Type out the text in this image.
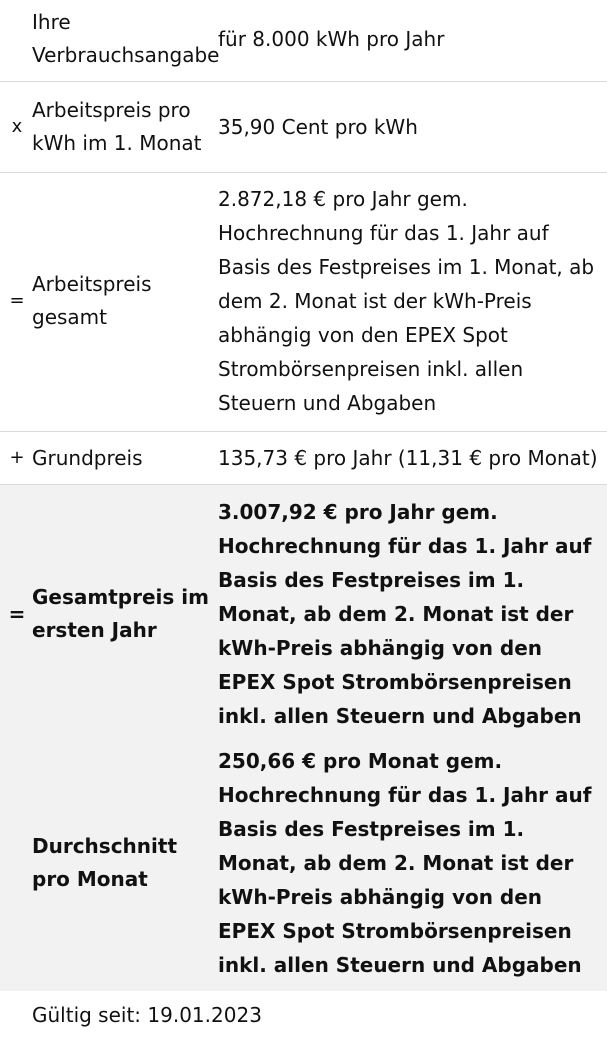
	Ihre Verbrauchsangabe	für 8.000 kWh pro Jahr
x	Arbeitspreis pro kWh im 1. Monat	35,90 Cent pro kWh
=	Arbeitspreis gesamt	2.872,18 € pro Jahr gem. Hochrechnung für das 1. Jahr auf Basis des Festpreises im 1. Monat, ab dem 2. Monat ist der kWh-Preis abhängig von den EPEX Spot Strombörsenpreisen inkl. allen Steuern und Abgaben
+	Grundpreis	135,73 € pro Jahr (11,31 € pro Monat)
=	Gesamtpreis im ersten Jahr	3.007,92 € pro Jahr gem. Hochrechnung für das 1. Jahr auf Basis des Festpreises im 1. Monat, ab dem 2. Monat ist der kWh-Preis abhängig von den EPEX Spot Strombörsenpreisen inkl. allen Steuern und Abgaben
	Durchschnitt pro Monat	250,66 € pro Monat gem. Hochrechnung für das 1. Jahr auf Basis des Festpreises im 1. Monat, ab dem 2. Monat ist der kWh-Preis abhängig von den EPEX Spot Strombörsenpreisen inkl. allen Steuern und Abgaben
	Gültig seit: 19.01.2023	
